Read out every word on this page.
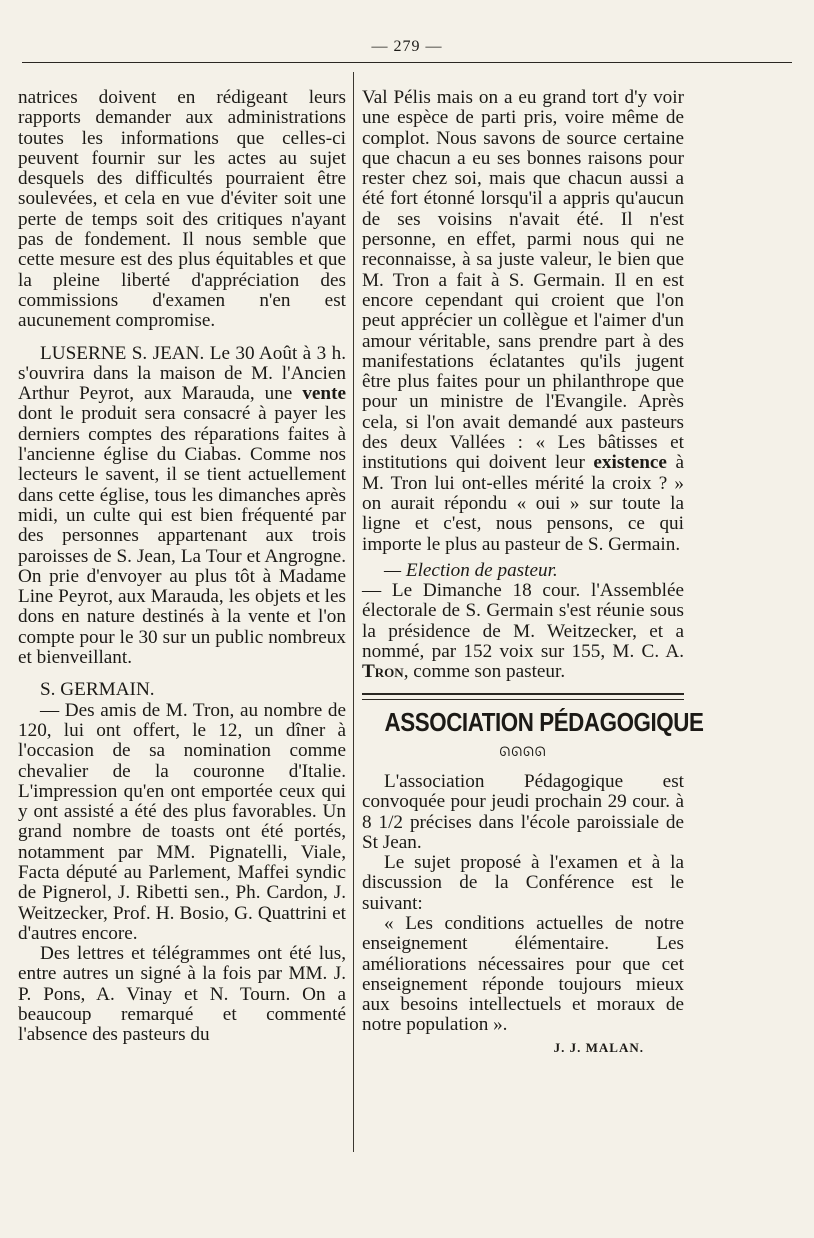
— 279 —

natrices doivent en rédigeant leurs rapports demander aux administrations toutes les informations que celles-ci peuvent fournir sur les actes au sujet desquels des difficultés pourraient être soulevées, et cela en vue d'éviter soit une perte de temps soit des critiques n'ayant pas de fondement. Il nous semble que cette mesure est des plus équitables et que la pleine liberté d'appréciation des commissions d'examen n'en est aucunement compromise.

LUSERNE S. JEAN. Le 30 Août à 3 h. s'ouvrira dans la maison de M. l'Ancien Arthur Peyrot, aux Marauda, une vente dont le produit sera consacré à payer les derniers comptes des réparations faites à l'ancienne église du Ciabas. Comme nos lecteurs le savent, il se tient actuellement dans cette église, tous les dimanches après midi, un culte qui est bien fréquenté par des personnes appartenant aux trois paroisses de S. Jean, La Tour et Angrogne. On prie d'envoyer au plus tôt à Madame Line Peyrot, aux Marauda, les objets et les dons en nature destinés à la vente et l'on compte pour le 30 sur un public nombreux et bienveillant.

S. GERMAIN.

— Des amis de M. Tron, au nombre de 120, lui ont offert, le 12, un dîner à l'occasion de sa nomination comme chevalier de la couronne d'Italie. L'impression qu'en ont emportée ceux qui y ont assisté a été des plus favorables. Un grand nombre de toasts ont été portés, notamment par MM. Pignatelli, Viale, Facta député au Parlement, Maffei syndic de Pignerol, J. Ribetti sen., Ph. Cardon, J. Weitzecker, Prof. H. Bosio, G. Quattrini et d'autres encore.

Des lettres et télégrammes ont été lus, entre autres un signé à la fois par MM. J. P. Pons, A. Vinay et N. Tourn. On a beaucoup remarqué et commenté l'absence des pasteurs du

Val Pélis mais on a eu grand tort d'y voir une espèce de parti pris, voire même de complot. Nous savons de source certaine que chacun a eu ses bonnes raisons pour rester chez soi, mais que chacun aussi a été fort étonné lorsqu'il a appris qu'aucun de ses voisins n'avait été. Il n'est personne, en effet, parmi nous qui ne reconnaisse, à sa juste valeur, le bien que M. Tron a fait à S. Germain. Il en est encore cependant qui croient que l'on peut apprécier un collègue et l'aimer d'un amour véritable, sans prendre part à des manifestations éclatantes qu'ils jugent être plus faites pour un philanthrope que pour un ministre de l'Evangile. Après cela, si l'on avait demandé aux pasteurs des deux Vallées : « Les bâtisses et institutions qui doivent leur existence à M. Tron lui ont-elles mérité la croix ? » on aurait répondu « oui » sur toute la ligne et c'est, nous pensons, ce qui importe le plus au pasteur de S. Germain.

— Election de pasteur.

— Le Dimanche 18 cour. l'Assemblée électorale de S. Germain s'est réunie sous la présidence de M. Weitzecker, et a nommé, par 152 voix sur 155, M. C. A. Tron, comme son pasteur.

ASSOCIATION PÉDAGOGIQUE
ᘏᘏᘏᘏ

L'association Pédagogique est convoquée pour jeudi prochain 29 cour. à 8 1/2 précises dans l'école paroissiale de St Jean.

Le sujet proposé à l'examen et à la discussion de la Conférence est le suivant:

« Les conditions actuelles de notre enseignement élémentaire. Les améliorations nécessaires pour que cet enseignement réponde toujours mieux aux besoins intellectuels et moraux de notre population ».

J. J. MALAN.
